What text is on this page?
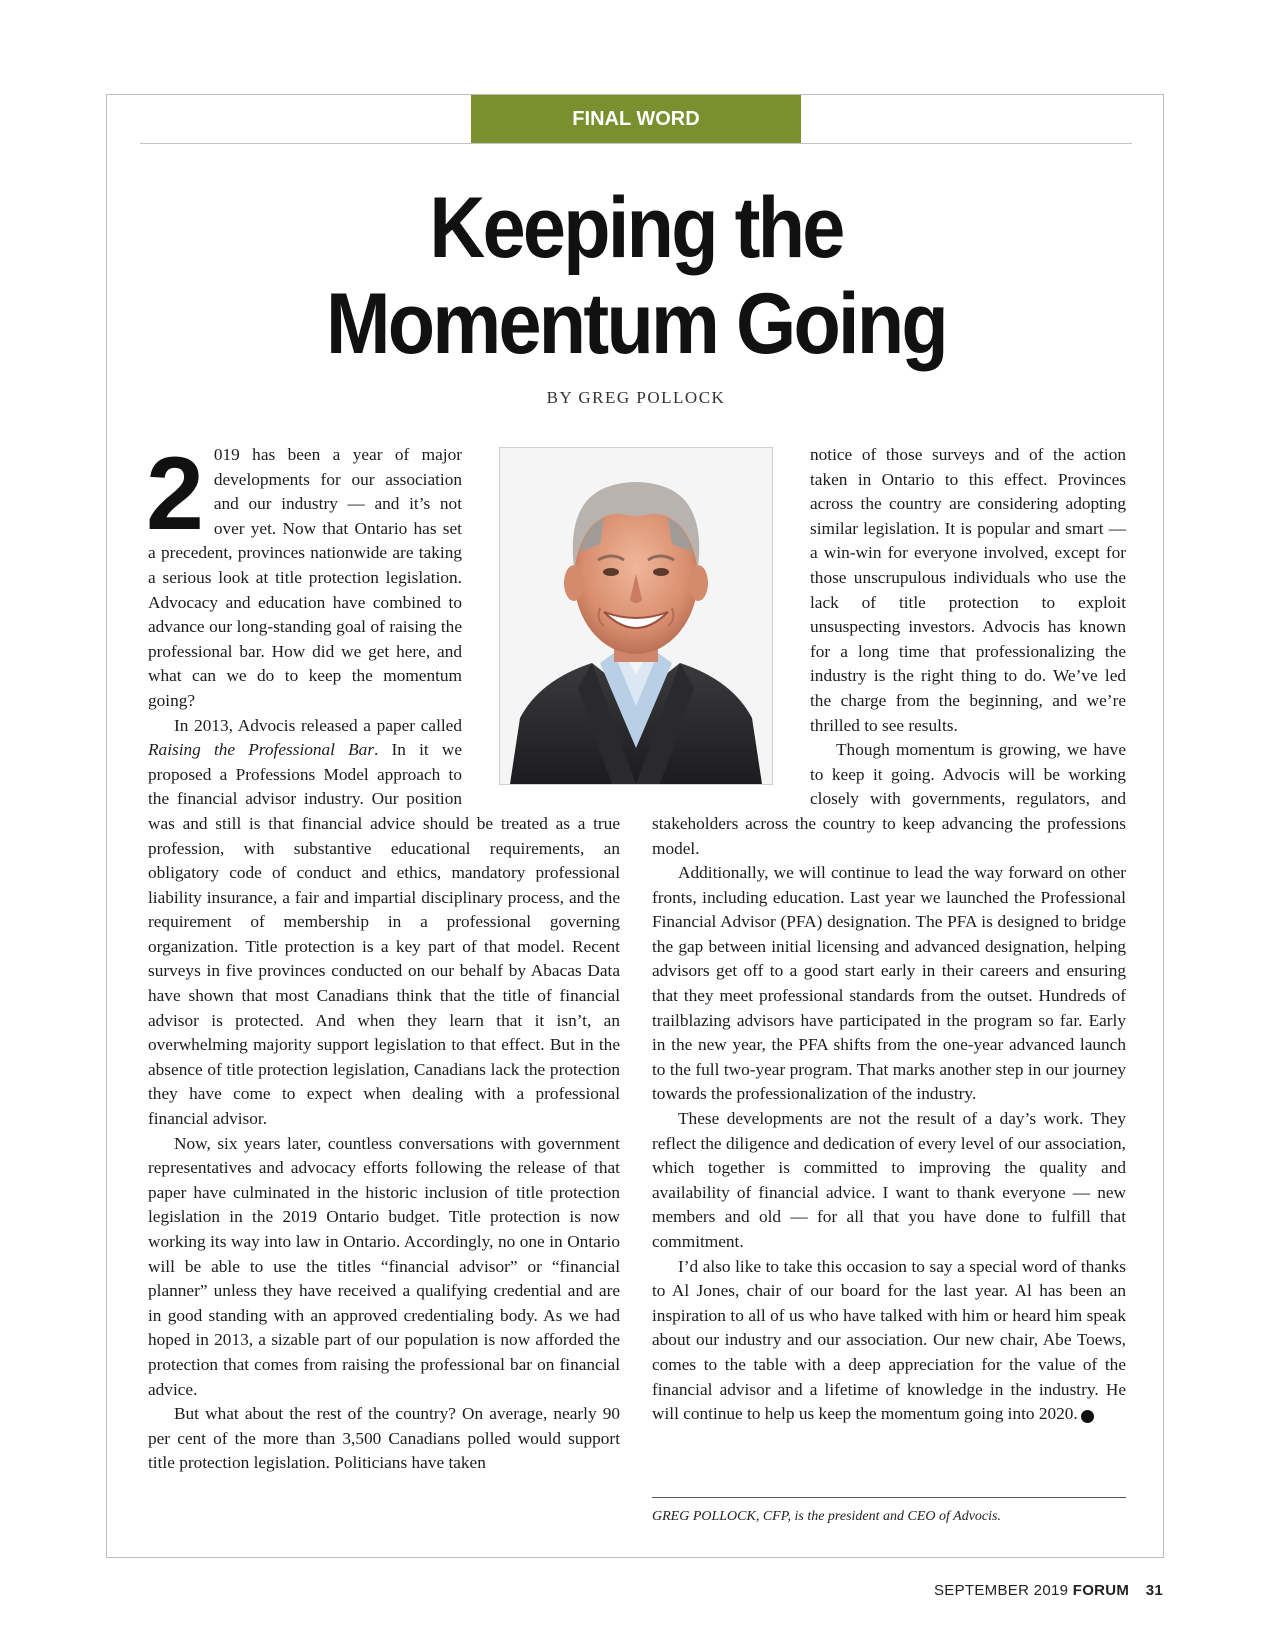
FINAL WORD
Keeping the
Momentum Going
BY GREG POLLOCK

2 019 has been a year of major developments for our association and our industry — and it’s not over yet. Now that Ontario has set a precedent, provinces nationwide are taking a serious look at title protection legislation. Advocacy and education have combined to advance our long-standing goal of raising the professional bar. How did we get here, and what can we do to keep the momentum going?

In 2013, Advocis released a paper called Raising the Professional Bar. In it we proposed a Professions Model approach to the financial advisor industry. Our position was and still is that financial advice should be treated as a true profession, with substantive educational requirements, an obligatory code of conduct and ethics, mandatory professional liability insurance, a fair and impartial disciplinary process, and the requirement of membership in a professional governing organization. Title protection is a key part of that model. Recent surveys in five provinces conducted on our behalf by Abacas Data have shown that most Canadians think that the title of financial advisor is protected. And when they learn that it isn’t, an overwhelming majority support legislation to that effect. But in the absence of title protection legislation, Canadians lack the protection they have come to expect when dealing with a professional financial advisor.

Now, six years later, countless conversations with government representatives and advocacy efforts following the release of that paper have culminated in the historic inclusion of title protection legislation in the 2019 Ontario budget. Title protection is now working its way into law in Ontario. Accordingly, no one in Ontario will be able to use the titles “financial advisor” or “financial planner” unless they have received a qualifying credential and are in good standing with an approved credentialing body. As we had hoped in 2013, a sizable part of our population is now afforded the protection that comes from raising the professional bar on financial advice.

But what about the rest of the country? On average, nearly 90 per cent of the more than 3,500 Canadians polled would support title protection legislation. Politicians have taken

notice of those surveys and of the action taken in Ontario to this effect. Provinces across the country are considering adopting similar legislation. It is popular and smart — a win-win for everyone involved, except for those unscrupulous individuals who use the lack of title protection to exploit unsuspecting investors. Advocis has known for a long time that professionalizing the industry is the right thing to do. We’ve led the charge from the beginning, and we’re thrilled to see results.

Though momentum is growing, we have to keep it going. Advocis will be working closely with governments, regulators, and stakeholders across the country to keep advancing the professions model.

Additionally, we will continue to lead the way forward on other fronts, including education. Last year we launched the Professional Financial Advisor (PFA) designation. The PFA is designed to bridge the gap between initial licensing and advanced designation, helping advisors get off to a good start early in their careers and ensuring that they meet professional standards from the outset. Hundreds of trailblazing advisors have participated in the program so far. Early in the new year, the PFA shifts from the one-year advanced launch to the full two-year program. That marks another step in our journey towards the professionalization of the industry.

These developments are not the result of a day’s work. They reflect the diligence and dedication of every level of our association, which together is committed to improving the quality and availability of financial advice. I want to thank everyone — new members and old — for all that you have done to fulfill that commitment.

I’d also like to take this occasion to say a special word of thanks to Al Jones, chair of our board for the last year. Al has been an inspiration to all of us who have talked with him or heard him speak about our industry and our association. Our new chair, Abe Toews, comes to the table with a deep appreciation for the value of the financial advisor and a lifetime of knowledge in the industry. He will continue to help us keep the momentum going into 2020.	F

GREG POLLOCK, CFP, is the president and CEO of Advocis.
SEPTEMBER 2019 FORUM 31
